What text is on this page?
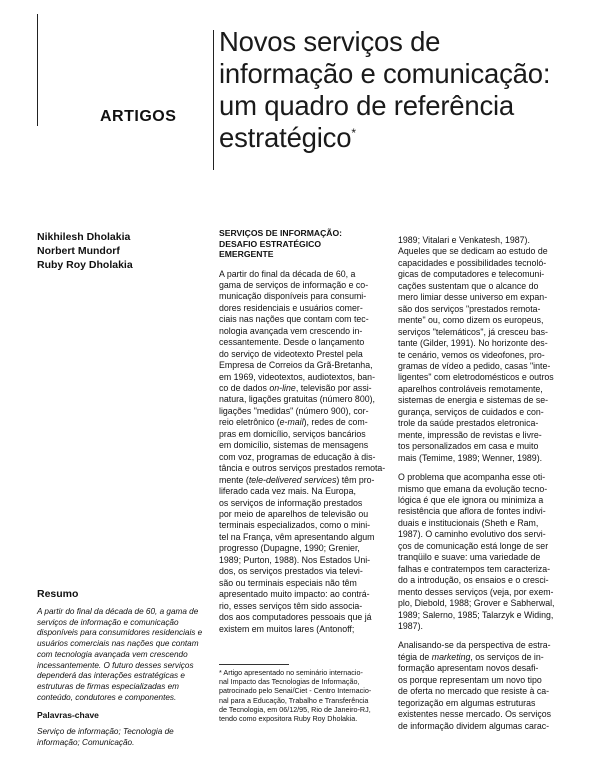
ARTIGOS
Novos serviços de
informação e comunicação:
um quadro de referência
estratégico*
Nikhilesh Dholakia
Norbert Mundorf
Ruby Roy Dholakia
Resumo
A partir do final da década de 60, a gama de
serviços de informação e comunicação
disponíveis para consumidores residenciais e
usuários comerciais nas nações que contam
com tecnologia avançada vem crescendo
incessantemente. O futuro desses serviços
dependerá das interações estratégicas e
estruturas de firmas especializadas em
conteúdo, condutores e componentes.
Palavras-chave
Serviço de informação; Tecnologia de
informação; Comunicação.
SERVIÇOS DE INFORMAÇÃO:
DESAFIO ESTRATÉGICO
EMERGENTE
A partir do final da década de 60, a
gama de serviços de informação e co-
municação disponíveis para consumi-
dores residenciais e usuários comer-
ciais nas nações que contam com tec-
nologia avançada vem crescendo in-
cessantemente. Desde o lançamento
do serviço de videotexto Prestel pela
Empresa de Correios da Grã-Bretanha,
em 1969, videotextos, audiotextos, ban-
co de dados on-line, televisão por assi-
natura, ligações gratuitas (número 800),
ligações "medidas" (número 900), cor-
reio eletrônico (e-mail), redes de com-
pras em domicílio, serviços bancários
em domicílio, sistemas de mensagens
com voz, programas de educação à dis-
tância e outros serviços prestados remota-
mente (tele-delivered services) têm pro-
liferado cada vez mais. Na Europa,
os serviços de informação prestados
por meio de aparelhos de televisão ou
terminais especializados, como o mini-
tel na França, vêm apresentando algum
progresso (Dupagne, 1990; Grenier,
1989; Purton, 1988). Nos Estados Uni-
dos, os serviços prestados via televi-
são ou terminais especiais não têm
apresentado muito impacto: ao contrá-
rio, esses serviços têm sido associa-
dos aos computadores pessoais que já
existem em muitos lares (Antonoff;
* Artigo apresentado no seminário internacio-
nal Impacto das Tecnologias de Informação,
patrocinado pelo Senai/Ciet - Centro Internacio-
nal para a Educação, Trabalho e Transferência
de Tecnologia, em 06/12/95, Rio de Janeiro-RJ,
tendo como expositora Ruby Roy Dholakia.
1989; Vitalari e Venkatesh, 1987).
Aqueles que se dedicam ao estudo de
capacidades e possibilidades tecnoló-
gicas de computadores e telecomuni-
cações sustentam que o alcance do
mero limiar desse universo em expan-
são dos serviços "prestados remota-
mente" ou, como dizem os europeus,
serviços "telemáticos", já cresceu bas-
tante (Gilder, 1991). No horizonte des-
te cenário, vemos os videofones, pro-
gramas de vídeo a pedido, casas "inte-
ligentes" com eletrodomésticos e outros
aparelhos controláveis remotamente,
sistemas de energia e sistemas de se-
gurança, serviços de cuidados e con-
trole da saúde prestados eletronica-
mente, impressão de revistas e livre-
tos personalizados em casa e muito
mais (Temime, 1989; Wenner, 1989).
O problema que acompanha esse oti-
mismo que emana da evolução tecno-
lógica é que ele ignora ou minimiza a
resistência que aflora de fontes indivi-
duais e institucionais (Sheth e Ram,
1987). O caminho evolutivo dos servi-
ços de comunicação está longe de ser
tranqüilo e suave: uma variedade de
falhas e contratempos tem caracteriza-
do a introdução, os ensaios e o cresci-
mento desses serviços (veja, por exem-
plo, Diebold, 1988; Grover e Sabherwal,
1989; Salerno, 1985; Talarzyk e Widing,
1987).
Analisando-se da perspectiva de estra-
tégia de marketing, os serviços de in-
formação apresentam novos desafi-
os porque representam um novo tipo
de oferta no mercado que resiste à ca-
tegorização em algumas estruturas
existentes nesse mercado. Os serviços
de informação dividem algumas carac-
